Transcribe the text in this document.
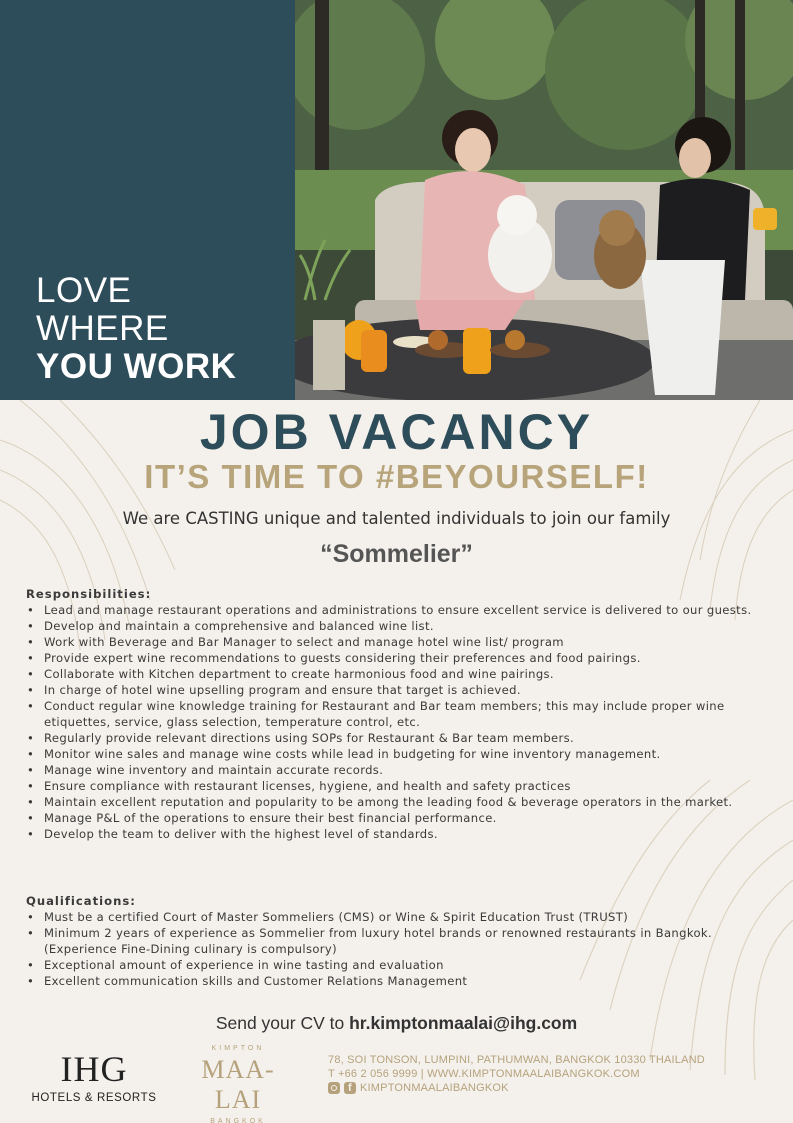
LOVE
WHERE
YOU WORK
JOB VACANCY
IT’S TIME TO #BEYOURSELF!
We are CASTING unique and talented individuals to join our family
“Sommelier”
Responsibilities:
• Lead and manage restaurant operations and administrations to ensure excellent service is delivered to our guests.
• Develop and maintain a comprehensive and balanced wine list.
• Work with Beverage and Bar Manager to select and manage hotel wine list/ program
• Provide expert wine recommendations to guests considering their preferences and food pairings.
• Collaborate with Kitchen department to create harmonious food and wine pairings.
• In charge of hotel wine upselling program and ensure that target is achieved.
• Conduct regular wine knowledge training for Restaurant and Bar team members; this may include proper wine etiquettes, service, glass selection, temperature control, etc.
• Regularly provide relevant directions using SOPs for Restaurant & Bar team members.
• Monitor wine sales and manage wine costs while lead in budgeting for wine inventory management.
• Manage wine inventory and maintain accurate records.
• Ensure compliance with restaurant licenses, hygiene, and health and safety practices
• Maintain excellent reputation and popularity to be among the leading food & beverage operators in the market.
• Manage P&L of the operations to ensure their best financial performance.
• Develop the team to deliver with the highest level of standards.
Qualifications:
• Must be a certified Court of Master Sommeliers (CMS) or Wine & Spirit Education Trust (TRUST)
• Minimum 2 years of experience as Sommelier from luxury hotel brands or renowned restaurants in Bangkok. (Experience Fine-Dining culinary is compulsory)
• Exceptional amount of experience in wine tasting and evaluation
• Excellent communication skills and Customer Relations Management
Send your CV to hr.kimptonmaalai@ihg.com
IHG
HOTELS & RESORTS
KIMPTON
MAA-LAI
BANGKOK
78, SOI TONSON, LUMPINI, PATHUMWAN, BANGKOK 10330 THAILAND
T +66 2 056 9999 | WWW.KIMPTONMAALAIBANGKOK.COM
f
KIMPTONMAALAIBANGKOK
